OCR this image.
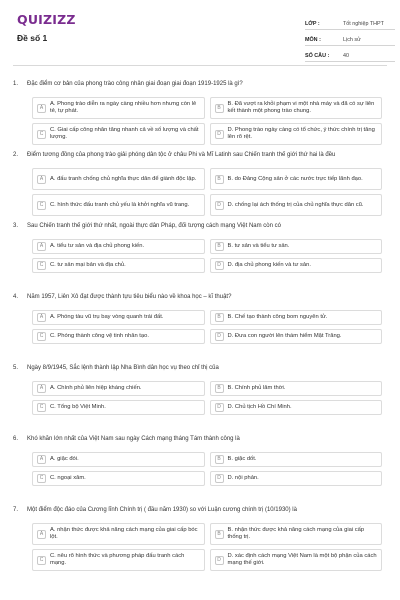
QUIZIZZ
Đề số 1
LỚP :	Tốt nghiệp THPT
MÔN :	Lịch sử
SỐ CÂU :	40
1.	Đặc điểm cơ bản của phong trào công nhân giai đoạn giai đoạn 1919-1925 là gì?
A
A. Phong trào diễn ra ngày càng nhiều hơn nhưng còn lẻ tẻ, tự phát.
B
B. Đã vượt ra khỏi phạm vi một nhà máy và đã có sự liên kết thành một phong trào chung.
C
C. Giai cấp công nhân tăng nhanh cả về số lượng và chất lượng.
D
D. Phong trào ngày càng có tổ chức, ý thức chính trị tăng lên rõ rệt.
2.	Điểm tương đồng của phong trào giải phóng dân tộc ở châu Phi và Mĩ Latinh sau Chiến tranh thế giới thứ hai là đều
A	A. đấu tranh chống chủ nghĩa thực dân để giành độc lập.	B	B. do Đảng Cộng sản ở các nước trực tiếp lãnh đạo.
C	C. hình thức đấu tranh chủ yếu là khởi nghĩa vũ trang.	D	D. chống lại ách thống trị của chủ nghĩa thực dân cũ.
3.	Sau Chiến tranh thế giới thứ nhất, ngoài thực dân Pháp, đối tượng cách mạng Việt Nam còn có
A	A. tiểu tư sản và địa chủ phong kiến.	B	B. tư sản và tiểu tư sản.
C	C. tư sản mại bản và địa chủ.	D	D. địa chủ phong kiến và tư sản.
4.	Năm 1957, Liên Xô đạt được thành tựu tiêu biểu nào về khoa học – kĩ thuật?
A	A. Phóng tàu vũ trụ bay vòng quanh trái đất.	B	B. Chế tạo thành công bom nguyên tử.
C	C. Phóng thành công vệ tinh nhân tạo.	D	D. Đưa con người lên thám hiểm Mặt Trăng.
5.	Ngày 8/9/1945, Sắc lệnh thành lập Nha Bình dân học vụ theo chỉ thị của
A	A. Chính phủ liên hiệp kháng chiến.	B	B. Chính phủ lâm thời.
C	C. Tổng bộ Việt Minh.	D	D. Chủ tịch Hồ Chí Minh.
6.	Khó khăn lớn nhất của Việt Nam sau ngày Cách mạng tháng Tám thành công là
A	A. giặc đói.	B	B. giặc dốt.
C	C. ngoại xâm.	D	D. nội phản.
7.	Một điểm độc đáo của Cương lĩnh Chính trị ( đầu năm 1930) so với Luận cương chính trị (10/1930) là
A
A. nhận thức được khả năng cách mạng của giai cấp bóc lột.
B
B. nhận thức được khả năng cách mạng của giai cấp thống trị.
C
C. nêu rõ hình thức và phương pháp đấu tranh cách mạng.
D
D. xác định cách mạng Việt Nam là một bộ phận của cách mạng thế giới.
